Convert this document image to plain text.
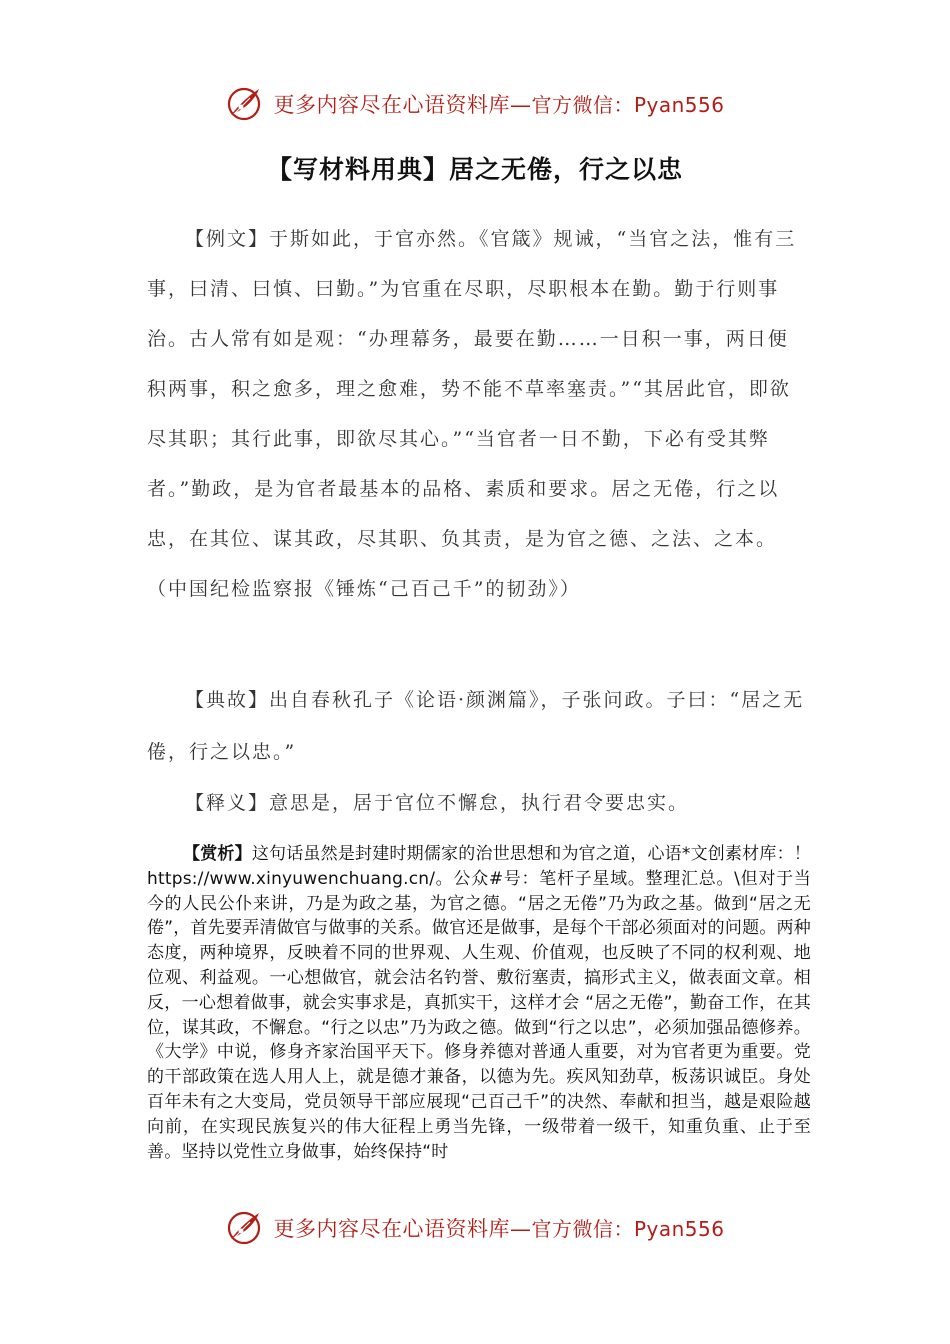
更多内容尽在心语资料库—官方微信：Pyan556
【写材料用典】居之无倦，行之以忠
【例文】于斯如此，于官亦然。《官箴》规诫，“当官之法，惟有三事，曰清、曰慎、曰勤。”为官重在尽职，尽职根本在勤。勤于行则事治。古人常有如是观：“办理幕务，最要在勤……一日积一事，两日便积两事，积之愈多，理之愈难，势不能不草率塞责。”“其居此官，即欲尽其职；其行此事，即欲尽其心。”“当官者一日不勤，下必有受其弊者。”勤政，是为官者最基本的品格、素质和要求。居之无倦，行之以忠，在其位、谋其政，尽其职、负其责，是为官之德、之法、之本。（中国纪检监察报《锤炼“己百己千”的韧劲》）
【典故】出自春秋孔子《论语·颜渊篇》，子张问政。子曰：“居之无倦，行之以忠。”
【释义】意思是，居于官位不懈怠，执行君令要忠实。
【赏析】这句话虽然是封建时期儒家的治世思想和为官之道，心语*文创素材库：！https://www.xinyuwenchuang.cn/。公众#号：笔杆子星域。整理汇总。\但对于当今的人民公仆来讲，乃是为政之基，为官之德。“居之无倦”乃为政之基。做到“居之无倦”，首先要弄清做官与做事的关系。做官还是做事，是每个干部必须面对的问题。两种态度，两种境界，反映着不同的世界观、人生观、价值观，也反映了不同的权利观、地位观、利益观。一心想做官，就会沽名钓誉、敷衍塞责，搞形式主义，做表面文章。相反，一心想着做事，就会实事求是，真抓实干，这样才会 “居之无倦”，勤奋工作，在其位，谋其政，不懈怠。“行之以忠”乃为政之德。做到“行之以忠”，必须加强品德修养。《大学》中说，修身齐家治国平天下。修身养德对普通人重要，对为官者更为重要。党的干部政策在选人用人上，就是德才兼备，以德为先。疾风知劲草，板荡识诚臣。身处百年未有之大变局，党员领导干部应展现“己百己千”的决然、奉献和担当，越是艰险越向前，在实现民族复兴的伟大征程上勇当先锋，一级带着一级干，知重负重、止于至善。坚持以党性立身做事，始终保持“时
更多内容尽在心语资料库—官方微信：Pyan556
